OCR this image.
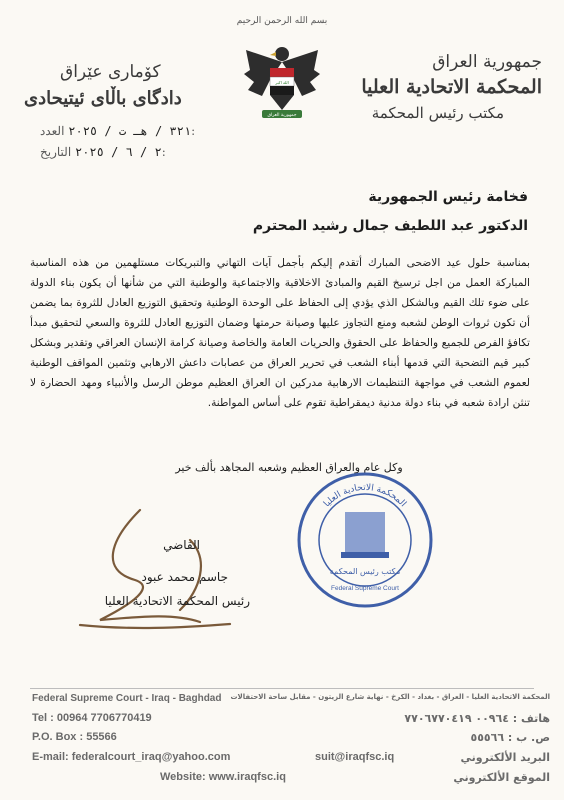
بسم الله الرحمن الرحيم
جمهورية العراق
المحكمة الاتحادية العليا
مكتب رئيس المحكمة
كۆماری عێراق
دادگای باڵای ئیتیحادی
الله اكبر
جمهورية العراق
٣٢١ / هـ ت / ٢٠٢٥ العدد:
٢ / ٦ / ٢٠٢٥ التاريخ:
فخامة رئيس الجمهورية
الدكتور عبد اللطيف جمال رشيد المحترم

بمناسبة حلول عيد الاضحى المبارك أتقدم إليكم بأجمل آيات التهاني والتبريكات مستلهمين من هذه المناسبة المباركة العمل من اجل ترسيخ القيم والمبادئ الاخلاقية والاجتماعية والوطنية التي من شأنها أن يكون بناء الدولة على ضوء تلك القيم وبالشكل الذي يؤدي إلى الحفاظ على الوحدة الوطنية وتحقيق التوزيع العادل للثروة بما يضمن أن تكون ثروات الوطن لشعبه ومنع التجاوز عليها وصيانة حرمتها وضمان التوزيع العادل للثروة والسعي لتحقيق مبدأ تكافؤ الفرص للجميع والحفاظ على الحقوق والحريات العامة والخاصة وصيانة كرامة الإنسان العراقي وتقدير وبشكل كبير قيم التضحية التي قدمها أبناء الشعب في تحرير العراق من عصابات داعش الارهابي وتثمين المواقف الوطنية لعموم الشعب في مواجهة التنظيمات الارهابية مدركين ان العراق العظيم موطن الرسل والأنبياء ومهد الحضارة لا تنثن ارادة شعبه في بناء دولة مدنية ديمقراطية تقوم على أساس المواطنة.

وكل عام والعراق العظيم وشعبه المجاهد بألف خير
القاضي
جاسم محمد عبود
رئيس المحكمة الاتحادية العليا
المحكمة الاتحادية العليا
مكتب رئيس المحكمة
Federal Supreme Court
Federal Supreme Court - Iraq - Baghdad المحكمة الاتحادية العليا - العراق - بغداد - الكرخ - نهاية شارع الزيتون - مقابل ساحة الاحتفالات
Tel : 00964 7706770419	هاتف : ٠٠٩٦٤ ٧٧٠٦٧٧٠٤١٩
P.O. Box : 55566	ص. ب : ٥٥٥٦٦
E-mail: federalcourt_iraq@yahoo.com	suit@iraqfsc.iq	البريد الألكتروني
Website: www.iraqfsc.iq	الموقع الألكتروني
